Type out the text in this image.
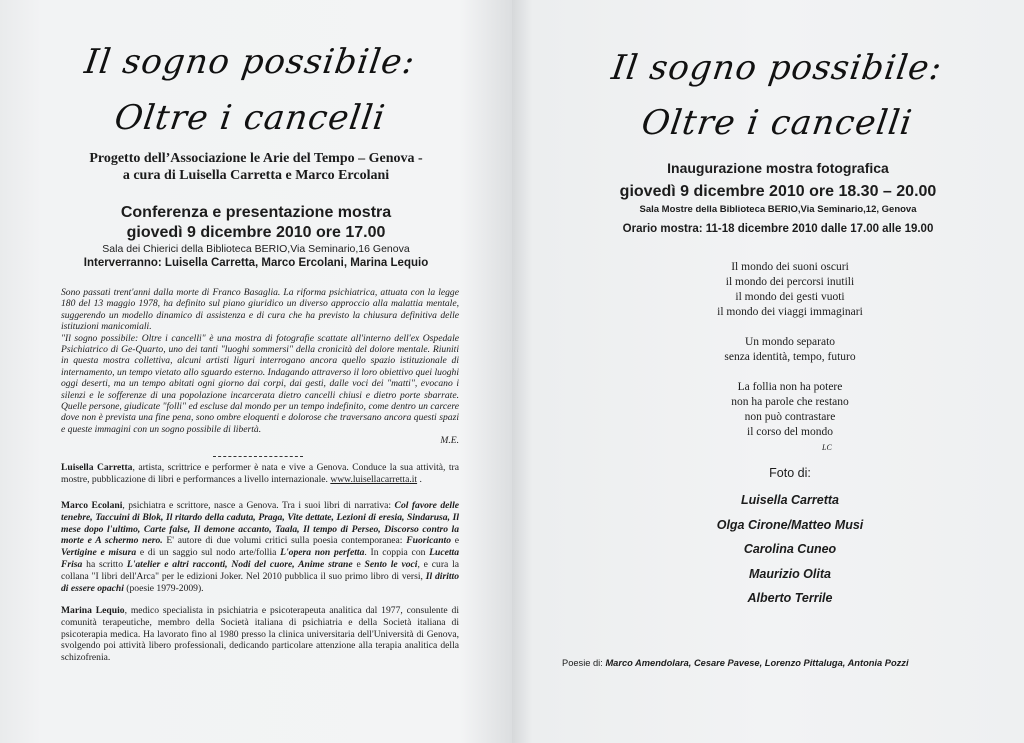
Il sogno possibile:
Oltre i cancelli
Progetto dell’Associazione le Arie del Tempo – Genova -
a cura di Luisella Carretta e Marco Ercolani
Conferenza e presentazione mostra
giovedì 9 dicembre 2010 ore 17.00
Sala dei Chierici della Biblioteca BERIO,Via Seminario,16 Genova
Interverranno: Luisella Carretta, Marco Ercolani, Marina Lequio
Sono passati trent'anni dalla morte di Franco Basaglia. La riforma psichiatrica, attuata con la legge 180 del 13 maggio 1978, ha definito sul piano giuridico un diverso approccio alla malattia mentale, suggerendo un modello dinamico di assistenza e di cura che ha previsto la chiusura definitiva delle istituzioni manicomiali.
"Il sogno possibile: Oltre i cancelli" è una mostra di fotografie scattate all'interno dell'ex Ospedale Psichiatrico di Ge-Quarto, uno dei tanti "luoghi sommersi" della cronicità del dolore mentale. Riuniti in questa mostra collettiva, alcuni artisti liguri interrogano ancora quello spazio istituzionale di internamento, un tempo vietato allo sguardo esterno. Indagando attraverso il loro obiettivo quei luoghi oggi deserti, ma un tempo abitati ogni giorno dai corpi, dai gesti, dalle voci dei "matti", evocano i silenzi e le sofferenze di una popolazione incarcerata dietro cancelli chiusi e dietro porte sbarrate. Quelle persone, giudicate "folli" ed escluse dal mondo per un tempo indefinito, come dentro un carcere dove non è prevista una fine pena, sono ombre eloquenti e dolorose che traversano ancora questi spazi e queste immagini con un sogno possibile di libertà.
M.E.
Luisella Carretta, artista, scrittrice e performer è nata e vive a Genova. Conduce la sua attività, tra mostre, pubblicazione di libri e performances a livello internazionale. www.luisellacarretta.it .
Marco Ecolani, psichiatra e scrittore, nasce a Genova. Tra i suoi libri di narrativa: Col favore delle tenebre, Taccuini di Blok, Il ritardo della caduta, Praga, Vite dettate, Lezioni di eresia, Sindarusa, Il mese dopo l'ultimo, Carte false, Il demone accanto, Taala, Il tempo di Perseo, Discorso contro la morte e A schermo nero. E' autore di due volumi critici sulla poesia contemporanea: Fuoricanto e Vertigine e misura e di un saggio sul nodo arte/follia L'opera non perfetta. In coppia con Lucetta Frisa ha scritto L'atelier e altri racconti, Nodi del cuore, Anime strane e Sento le voci, e cura la collana "I libri dell'Arca" per le edizioni Joker. Nel 2010 pubblica il suo primo libro di versi, Il diritto di essere opachi (poesie 1979-2009).
Marina Lequio, medico specialista in psichiatria e psicoterapeuta analitica dal 1977, consulente di comunità terapeutiche, membro della Società italiana di psichiatria e della Società italiana di psicoterapia medica. Ha lavorato fino al 1980 presso la clinica universitaria dell'Università di Genova, svolgendo poi attività libero professionali, dedicando particolare attenzione alla terapia analitica della schizofrenia.
Il sogno possibile:
Oltre i cancelli
Inaugurazione mostra fotografica
giovedì 9 dicembre 2010 ore 18.30 – 20.00
Sala Mostre della Biblioteca BERIO,Via Seminario,12, Genova
Orario mostra: 11-18 dicembre 2010 dalle 17.00 alle 19.00
Il mondo dei suoni oscuri
il mondo dei percorsi inutili
il mondo dei gesti vuoti
il mondo dei viaggi immaginari
Un mondo separato
senza identità, tempo, futuro
La follia non ha potere
non ha parole che restano
non può contrastare
il corso del mondo
LC
Foto di:
Luisella Carretta
Olga Cirone/Matteo Musi
Carolina Cuneo
Maurizio Olita
Alberto Terrile
Poesie di: Marco Amendolara, Cesare Pavese, Lorenzo Pittaluga, Antonia Pozzi
